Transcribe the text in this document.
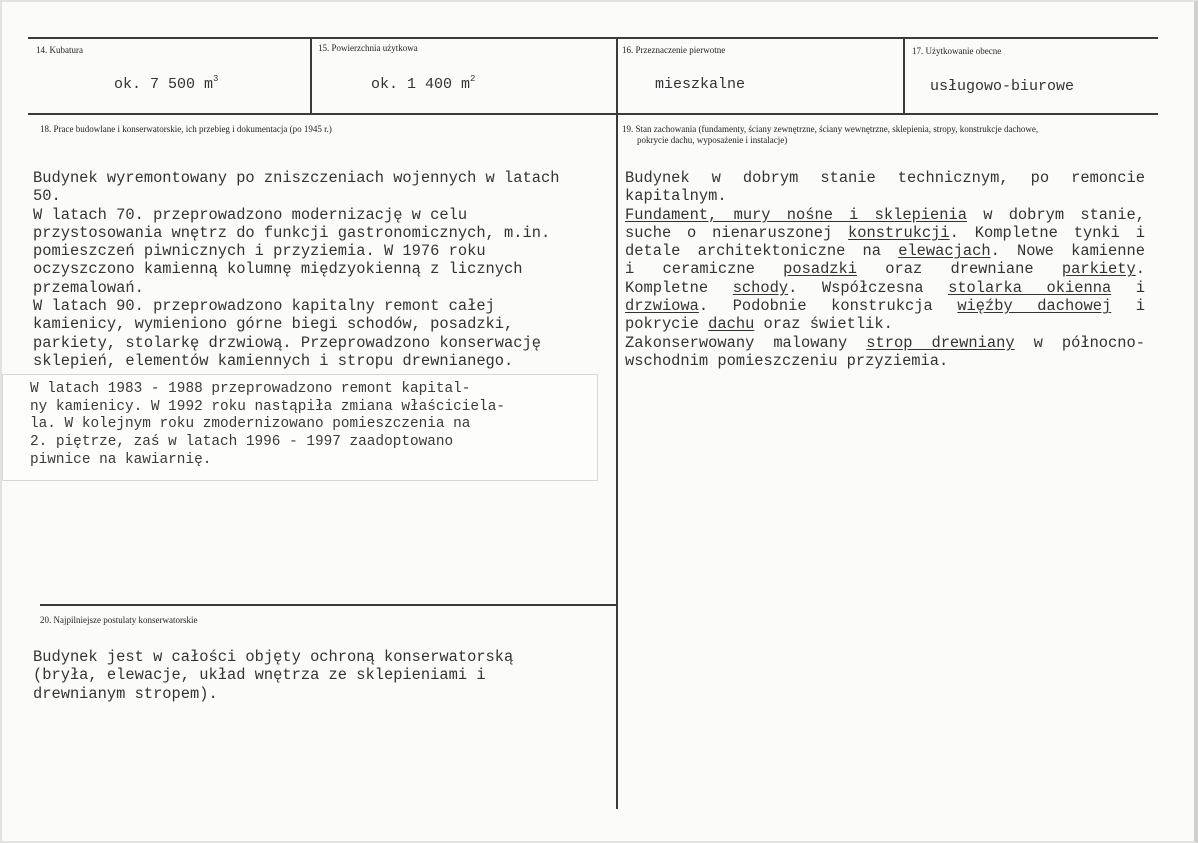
14. Kubatura
ok. 7 500 $m^3$
15. Powierzchnia użytkowa
ok. 1 400 $m^2$
16. Przeznaczenie pierwotne
mieszkalne
17. Użytkowanie obecne
usługowo-biurowe
18. Prace budowlane i konserwatorskie, ich przebieg i dokumentacja (po 1945 r.)

Budynek wyremontowany po zniszczeniach wojennych w latach

50.

W latach 70. przeprowadzono modernizację w celu

przystosowania wnętrz do funkcji gastronomicznych, m.in.

pomieszczeń piwnicznych i przyziemia. W 1976 roku

oczyszczono kamienną kolumnę międzyokienną z licznych

przemalowań.

W latach 90. przeprowadzono kapitalny remont całej

kamienicy, wymieniono górne biegi schodów, posadzki,

parkiety, stolarkę drzwiową. Przeprowadzono konserwację

sklepień, elementów kamiennych i stropu drewnianego.

W latach 1983 - 1988 przeprowadzono remont kapital-
ny kamienicy. W 1992 roku nastąpiła zmiana właściciela-
la. W kolejnym roku zmodernizowano pomieszczenia na
2. piętrze, zaś w latach 1996 - 1997 zaadoptowano
piwnice na kawiarnię.
19. Stan zachowania (fundamenty, ściany zewnętrzne, ściany wewnętrzne, sklepienia, stropy, konstrukcje dachowe,
pokrycie dachu, wyposażenie i instalacje)

Budynek w dobrym stanie technicznym, po remoncie

kapitalnym.

Fundament, mury nośne i sklepienia w dobrym stanie,

suche o nienaruszonej konstrukcji. Kompletne tynki i

detale architektoniczne na elewacjach. Nowe kamienne

i ceramiczne posadzki oraz drewniane parkiety.

Kompletne schody. Współczesna stolarka okienna i

drzwiowa. Podobnie konstrukcja więźby dachowej i

pokrycie dachu oraz świetlik.

Zakonserwowany malowany strop drewniany w północno-

wschodnim pomieszczeniu przyziemia.

20. Najpilniejsze postulaty konserwatorskie

Budynek jest w całości objęty ochroną konserwatorską

(bryła, elewacje, układ wnętrza ze sklepieniami i

drewnianym stropem).
